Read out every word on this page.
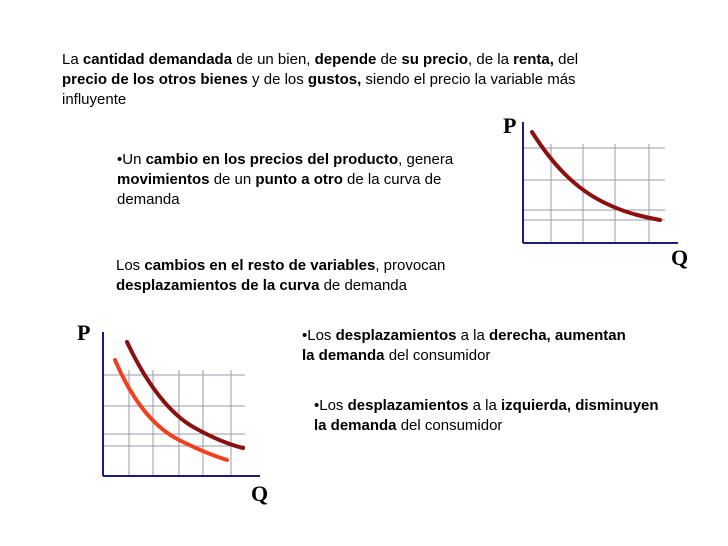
La cantidad demandada de un bien, depende de su precio, de la renta, del precio de los otros bienes y de los gustos, siendo el precio la variable más influyente

P
Q

•Un cambio en los precios del producto, genera movimientos de un punto a otro de la curva de demanda

Los cambios en el resto de variables, provocan desplazamientos de la curva de demanda

P
Q

•Los desplazamientos a la derecha, aumentan la demanda del consumidor

•Los desplazamientos a la izquierda, disminuyen la demanda del consumidor
